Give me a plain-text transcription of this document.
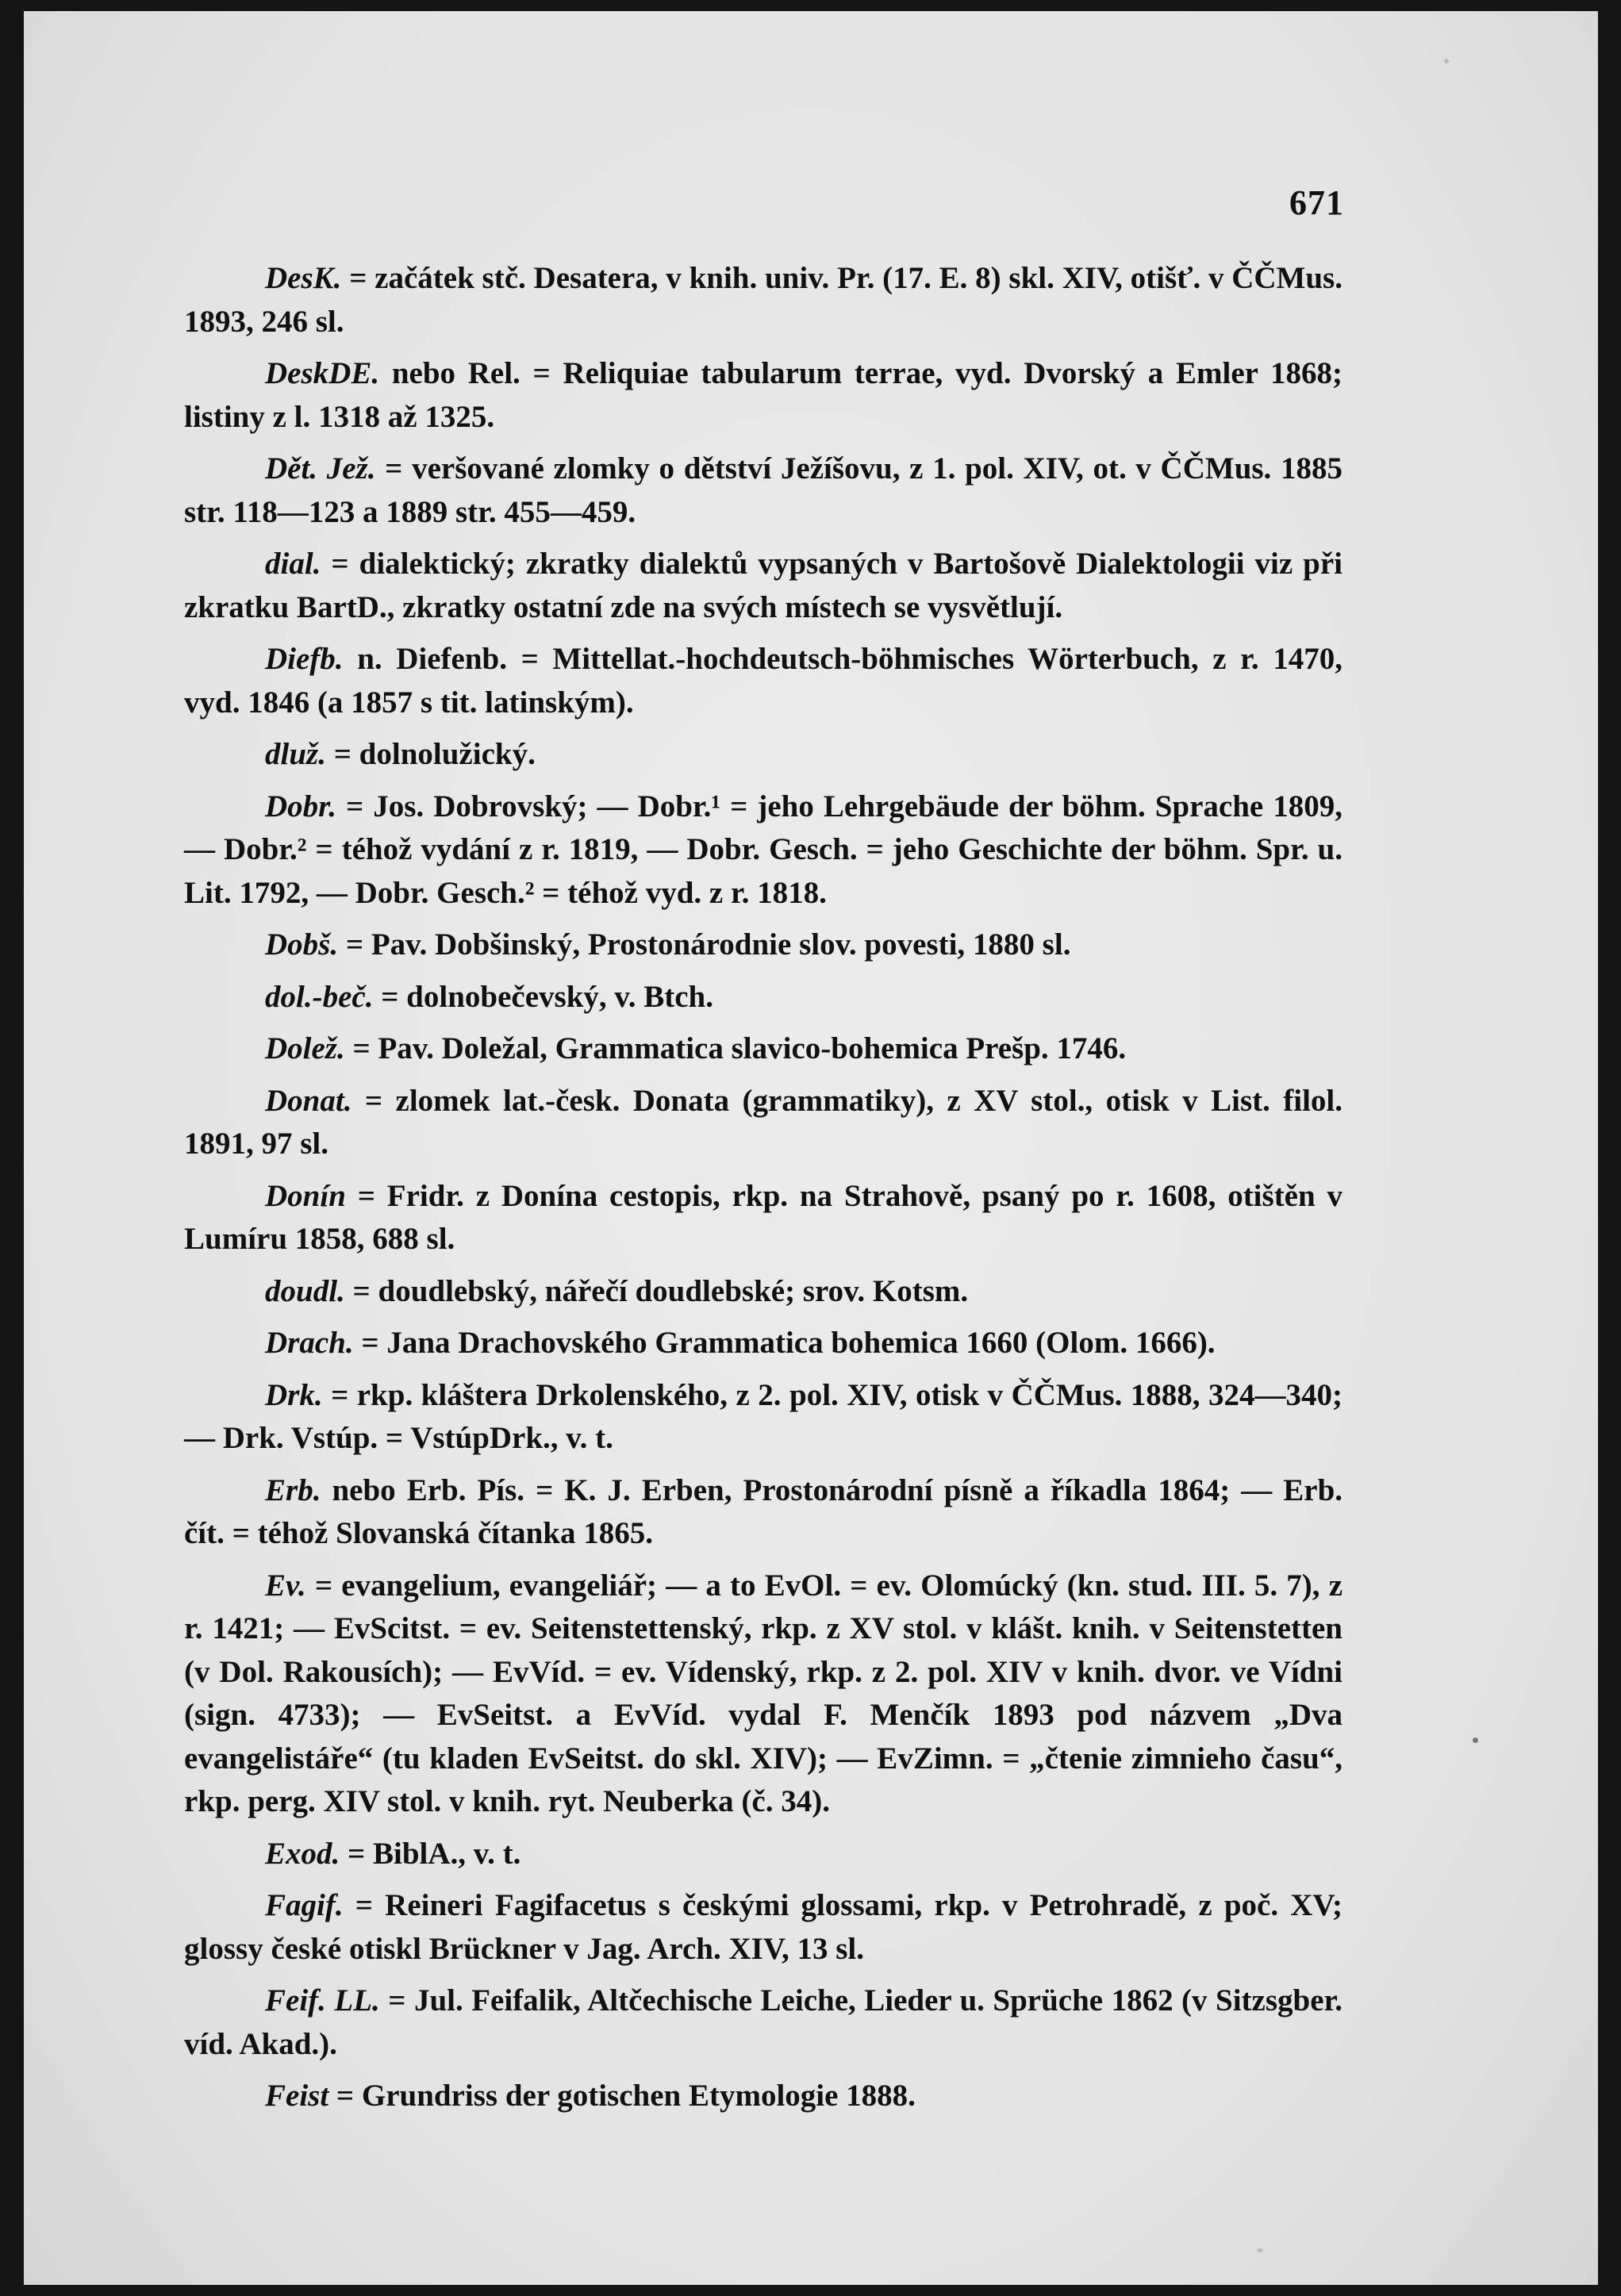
671

DesK. = začátek stč. Desatera, v knih. univ. Pr. (17. E. 8) skl. XIV, otišť. v ČČMus. 1893, 246 sl.

DeskDE. nebo Rel. = Reliquiae tabularum terrae, vyd. Dvorský a Emler 1868; listiny z l. 1318 až 1325.

Dět. Jež. = veršované zlomky o dětství Ježíšovu, z 1. pol. XIV, ot. v ČČMus. 1885 str. 118—123 a 1889 str. 455—459.

dial. = dialektický; zkratky dialektů vypsaných v Bartošově Dialektologii viz při zkratku BartD., zkratky ostatní zde na svých místech se vysvětlují.

Diefb. n. Diefenb. = Mittellat.-hochdeutsch-böhmisches Wörterbuch, z r. 1470, vyd. 1846 (a 1857 s tit. latinským).

dluž. = dolnolužický.

Dobr. = Jos. Dobrovský; — Dobr.¹ = jeho Lehrgebäude der böhm. Sprache 1809, — Dobr.² = téhož vydání z r. 1819, — Dobr. Gesch. = jeho Geschichte der böhm. Spr. u. Lit. 1792, — Dobr. Gesch.² = téhož vyd. z r. 1818.

Dobš. = Pav. Dobšinský, Prostonárodnie slov. povesti, 1880 sl.

dol.-bеč. = dolnobečevský, v. Btch.

Dolež. = Pav. Doležal, Grammatica slavico-bohemica Prešp. 1746.

Donat. = zlomek lat.-česk. Donata (grammatiky), z XV stol., otisk v List. filol. 1891, 97 sl.

Donín = Fridr. z Donína cestopis, rkp. na Strahově, psaný po r. 1608, otištěn v Lumíru 1858, 688 sl.

doudl. = doudlebský, nářečí doudlebské; srov. Kotsm.

Drach. = Jana Drachovského Grammatica bohemica 1660 (Olom. 1666).

Drk. = rkp. kláštera Drkolenského, z 2. pol. XIV, otisk v ČČMus. 1888, 324—340; — Drk. Vstúp. = VstúpDrk., v. t.

Erb. nebo Erb. Pís. = K. J. Erben, Prostonárodní písně a říkadla 1864; — Erb. čít. = téhož Slovanská čítanka 1865.

Ev. = evangelium, evangeliář; — a to EvOl. = ev. Olomúcký (kn. stud. III. 5. 7), z r. 1421; — EvScitst. = ev. Seitenstettenský, rkp. z XV stol. v klášt. knih. v Seitenstetten (v Dol. Rakousích); — EvVíd. = ev. Vídenský, rkp. z 2. pol. XIV v knih. dvor. ve Vídni (sign. 4733); — EvSeitst. a EvVíd. vydal F. Menčík 1893 pod názvem „Dva evangelistáře“ (tu kladen EvSeitst. do skl. XIV); — EvZimn. = „čtenie zimnieho času“, rkp. perg. XIV stol. v knih. ryt. Neuberka (č. 34).

Exod. = BiblA., v. t.

Fagif. = Reineri Fagifacetus s českými glossami, rkp. v Petrohradě, z poč. XV; glossy české otiskl Brückner v Jag. Arch. XIV, 13 sl.

Feif. LL. = Jul. Feifalik, Altčechische Leiche, Lieder u. Sprüche 1862 (v Sitzsgber. víd. Akad.).

Feist = Grundriss der gotischen Etymologie 1888.
